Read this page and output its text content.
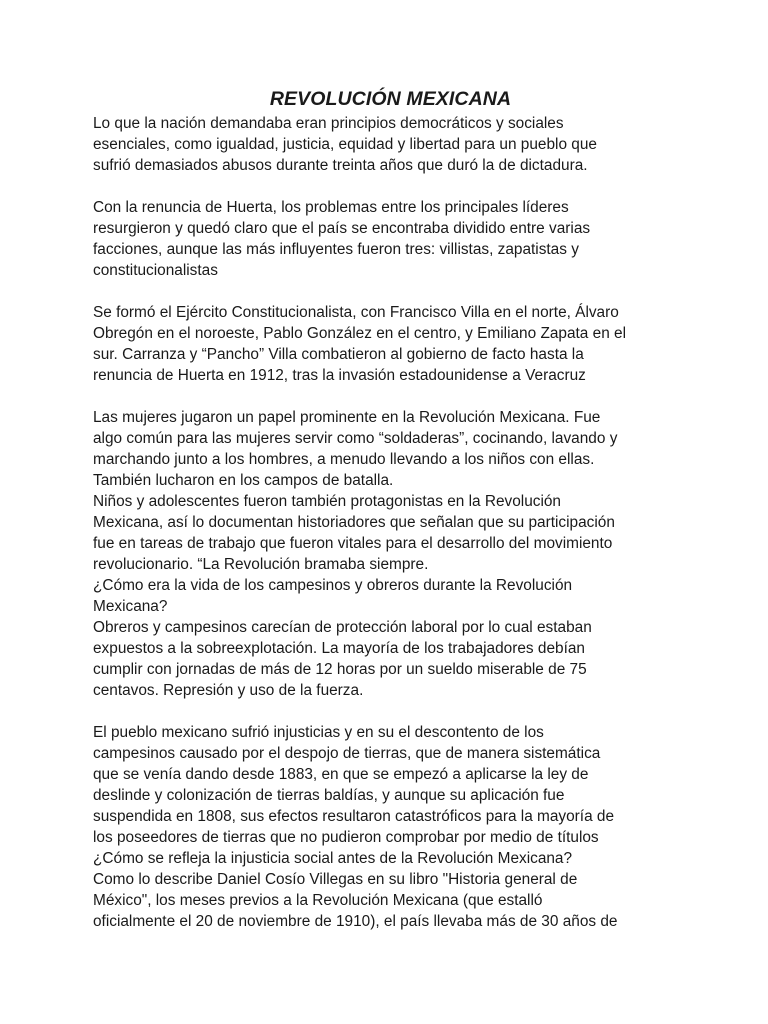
REVOLUCIÓN MEXICANA

Lo que la nación demandaba eran principios democráticos y sociales
esenciales, como igualdad, justicia, equidad y libertad para un pueblo que
sufrió demasiados abusos durante treinta años que duró la de dictadura.

Con la renuncia de Huerta, los problemas entre los principales líderes
resurgieron y quedó claro que el país se encontraba dividido entre varias
facciones, aunque las más influyentes fueron tres: villistas, zapatistas y
constitucionalistas

Se formó el Ejército Constitucionalista, con Francisco Villa en el norte, Álvaro
Obregón en el noroeste, Pablo González en el centro, y Emiliano Zapata en el
sur. Carranza y “Pancho” Villa combatieron al gobierno de facto hasta la
renuncia de Huerta en 1912, tras la invasión estadounidense a Veracruz

Las mujeres jugaron un papel prominente en la Revolución Mexicana. Fue
algo común para las mujeres servir como “soldaderas”, cocinando, lavando y
marchando junto a los hombres, a menudo llevando a los niños con ellas.
También lucharon en los campos de batalla.
Niños y adolescentes fueron también protagonistas en la Revolución
Mexicana, así lo documentan historiadores que señalan que su participación
fue en tareas de trabajo que fueron vitales para el desarrollo del movimiento
revolucionario. “La Revolución bramaba siempre.
¿Cómo era la vida de los campesinos y obreros durante la Revolución
Mexicana?
Obreros y campesinos carecían de protección laboral por lo cual estaban
expuestos a la sobreexplotación. La mayoría de los trabajadores debían
cumplir con jornadas de más de 12 horas por un sueldo miserable de 75
centavos. Represión y uso de la fuerza.

El pueblo mexicano sufrió injusticias y en su el descontento de los
campesinos causado por el despojo de tierras, que de manera sistemática
que se venía dando desde 1883, en que se empezó a aplicarse la ley de
deslinde y colonización de tierras baldías, y aunque su aplicación fue
suspendida en 1808, sus efectos resultaron catastróficos para la mayoría de
los poseedores de tierras que no pudieron comprobar por medio de títulos
¿Cómo se refleja la injusticia social antes de la Revolución Mexicana?
Como lo describe Daniel Cosío Villegas en su libro "Historia general de
México", los meses previos a la Revolución Mexicana (que estalló
oficialmente el 20 de noviembre de 1910), el país llevaba más de 30 años de
